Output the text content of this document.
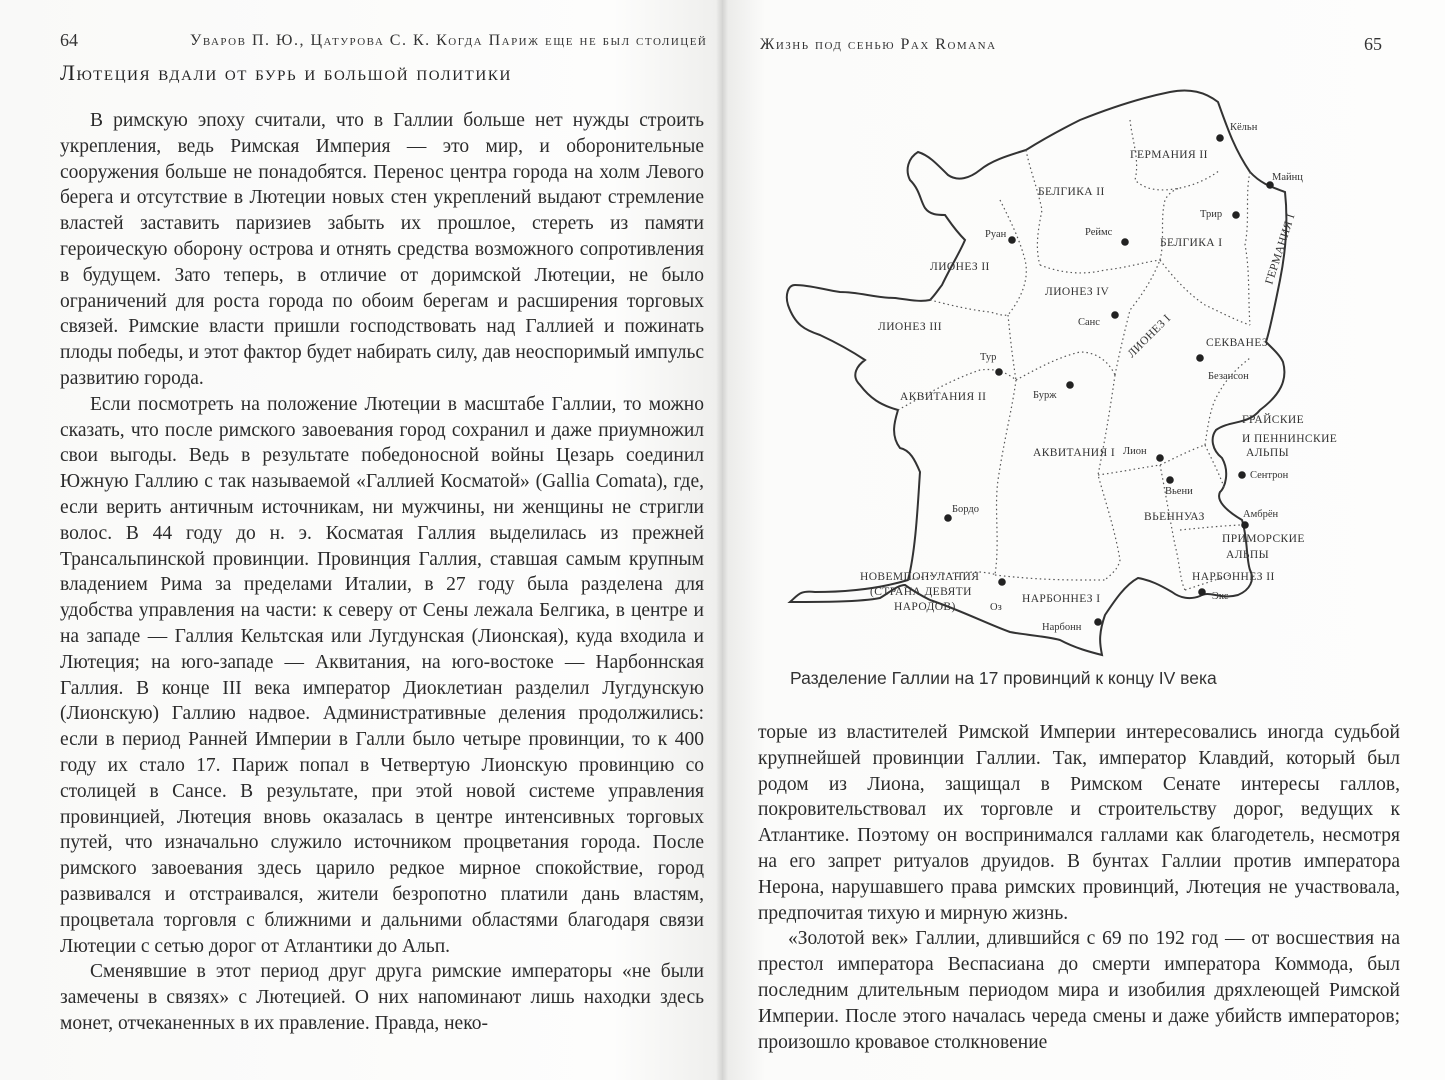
64	Уваров П. Ю., Цатурова С. К. Когда Париж еще не был столицей
Лютеция вдали от бурь и большой политики

В римскую эпоху считали, что в Галлии больше нет нужды строить укрепления, ведь Римская Империя — это мир, и оборонительные сооружения больше не понадобятся. Перенос центра города на холм Левого берега и отсутствие в Лютеции новых стен укреплений выдают стремление властей заставить паризиев забыть их прошлое, стереть из памяти героическую оборону острова и отнять средства возможного сопротивления в будущем. Зато теперь, в отличие от доримской Лютеции, не было ограничений для роста города по обоим берегам и расширения торговых связей. Римские власти пришли господствовать над Галлией и пожинать плоды победы, и этот фактор будет набирать силу, дав неоспоримый импульс развитию города.

Если посмотреть на положение Лютеции в масштабе Галлии, то можно сказать, что после римского завоевания город сохранил и даже приумножил свои выгоды. Ведь в результате победоносной войны Цезарь соединил Южную Галлию с так называемой «Галлией Косматой» (Gallia Comata), где, если верить античным источникам, ни мужчины, ни женщины не стригли волос. В 44 году до н. э. Косматая Галлия выделилась из прежней Трансальпинской провинции. Провинция Галлия, ставшая самым крупным владением Рима за пределами Италии, в 27 году была разделена для удобства управления на части: к северу от Сены лежала Белгика, в центре и на западе — Галлия Кельтская или Лугдунская (Лионская), куда входила и Лютеция; на юго-западе — Аквитания, на юго-востоке — Нарбоннская Галлия. В конце III века император Диоклетиан разделил Лугдунскую (Лионскую) Галлию надвое. Административные деления продолжились: если в период Ранней Империи в Галли было четыре провинции, то к 400 году их стало 17. Париж попал в Четвертую Лионскую провинцию со столицей в Сансе. В результате, при этой новой системе управления провинцией, Лютеция вновь оказалась в центре интенсивных торговых путей, что изначально служило источником процветания города. После римского завоевания здесь царило редкое мирное спокойствие, город развивался и отстраивался, жители безропотно платили дань властям, процветала торговля с ближними и дальними областями благодаря связи Лютеции с сетью дорог от Атлантики до Альп.

Сменявшие в этот период друг друга римские императоры «не были замечены в связях» с Лютецией. О них напоминают лишь находки здесь монет, отчеканенных в их правление. Правда, неко-

Жизнь под сенью Pax Romana	65
ГЕРМАНИЯ II
БЕЛГИКА II
БЕЛГИКА I	ГЕРМАНИЯ I
ЛИОНЕЗ II
ЛИОНЕЗ IV
ЛИОНЕЗ III	ЛИОНЕЗ I	СЕКВАНЕЗ
АКВИТАНИЯ II
АКВИТАНИЯ I
ГРАЙСКИЕ
И ПЕННИНСКИЕ
АЛЬПЫ
ВЬЕННУАЗ
ПРИМОРСКИЕ
АЛЬПЫ
НОВЕМПОПУЛАНИЯ
(СТРАНА ДЕВЯТИ
НАРОДОВ)
НАРБОННЕЗ I
НАРБОННЕЗ II
Кёльн
Майнц
Трир
Реймс
Руан
Санс
Тур
Бурж
Безансон
Лион
Вьени
Сентрон
Амбрён
Бордо
Оз
Нарбонн
Экс
Разделение Галлии на 17 провинций к концу IV века

торые из властителей Римской Империи интересовались иногда судьбой крупнейшей провинции Галлии. Так, император Клавдий, который был родом из Лиона, защищал в Римском Сенате интересы галлов, покровительствовал их торговле и строительству дорог, ведущих к Атлантике. Поэтому он воспринимался галлами как благодетель, несмотря на его запрет ритуалов друидов. В бунтах Галлии против императора Нерона, нарушавшего права римских провинций, Лютеция не участвовала, предпочитая тихую и мирную жизнь.

«Золотой век» Галлии, длившийся с 69 по 192 год — от восшествия на престол императора Веспасиана до смерти императора Коммода, был последним длительным периодом мира и изобилия дряхлеющей Римской Империи. После этого началась череда смены и даже убийств императоров; произошло кровавое столкновение
